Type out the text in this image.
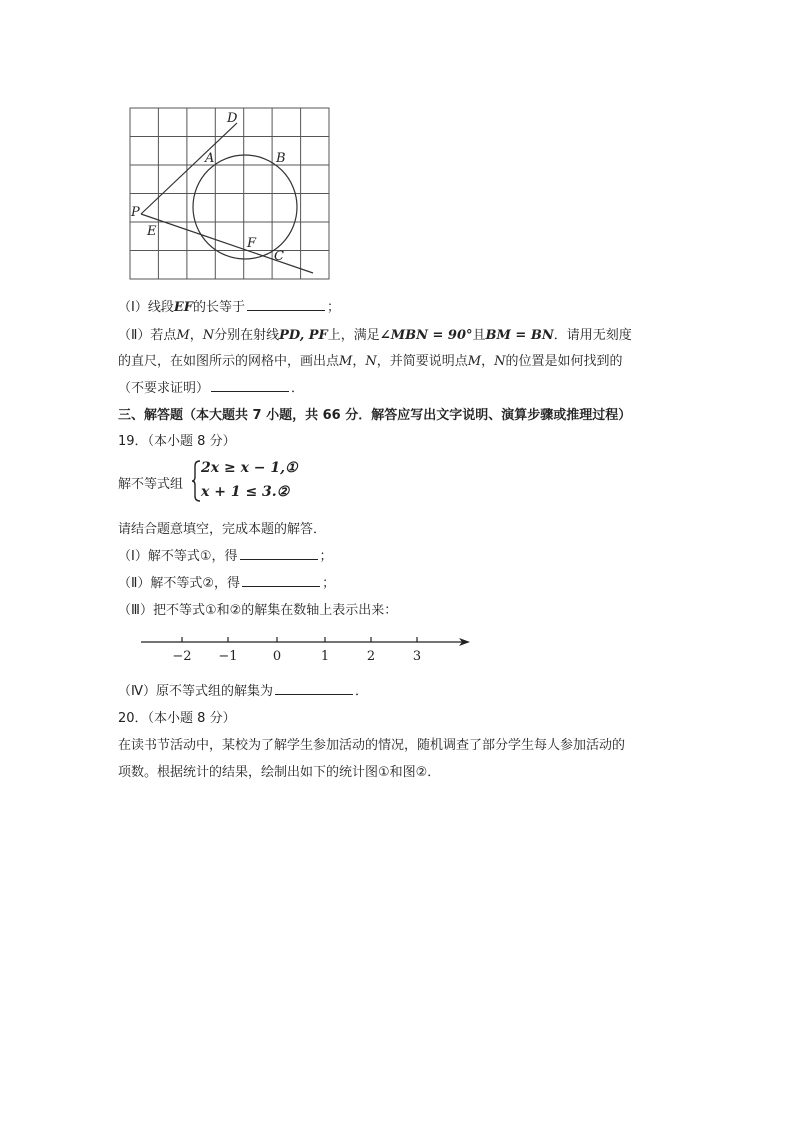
D
A	B
P
E
F
C
（Ⅰ）线段EF的长等于	；
（Ⅱ）若点M，N分别在射线PD, PF上，满足∠MBN = 90°且BM = BN．请用无刻度
的直尺，在如图所示的网格中，画出点M，N，并简要说明点M，N的位置是如何找到的
（不要求证明）	．
三、解答题（本大题共 7 小题，共 66 分．解答应写出文字说明、演算步骤或推理过程）
19．（本小题 8 分）
解不等式组
2x ≥ x − 1,①
x + 1 ≤ 3.②
请结合题意填空，完成本题的解答．
（Ⅰ）解不等式①，得	；
（Ⅱ）解不等式②，得	；
（Ⅲ）把不等式①和②的解集在数轴上表示出来：
−2 −1	0	1	2	3
（Ⅳ）原不等式组的解集为	．
20．（本小题 8 分）
在读书节活动中，某校为了解学生参加活动的情况，随机调查了部分学生每人参加活动的
项数。根据统计的结果，绘制出如下的统计图①和图②．
